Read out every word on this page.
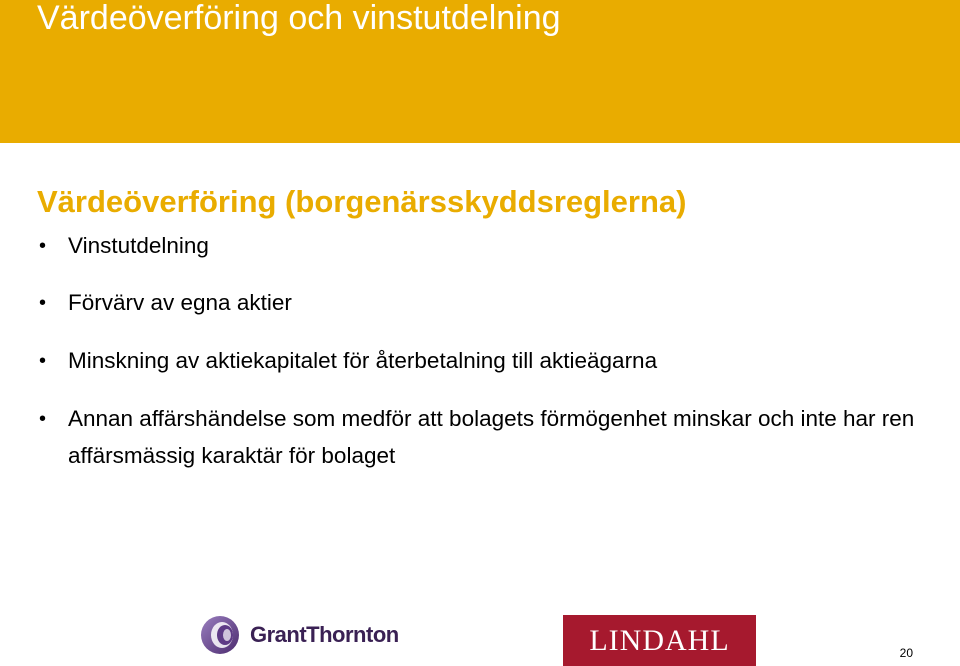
Värdeöverföring och vinstutdelning
Värdeöverföring (borgenärsskyddsreglerna)
• Vinstutdelning
• Förvärv av egna aktier
• Minskning av aktiekapitalet för återbetalning till aktieägarna
• Annan affärshändelse som medför att bolagets förmögenhet minskar och inte har ren affärsmässig karaktär för bolaget
GrantThornton	LINDAHL	20
